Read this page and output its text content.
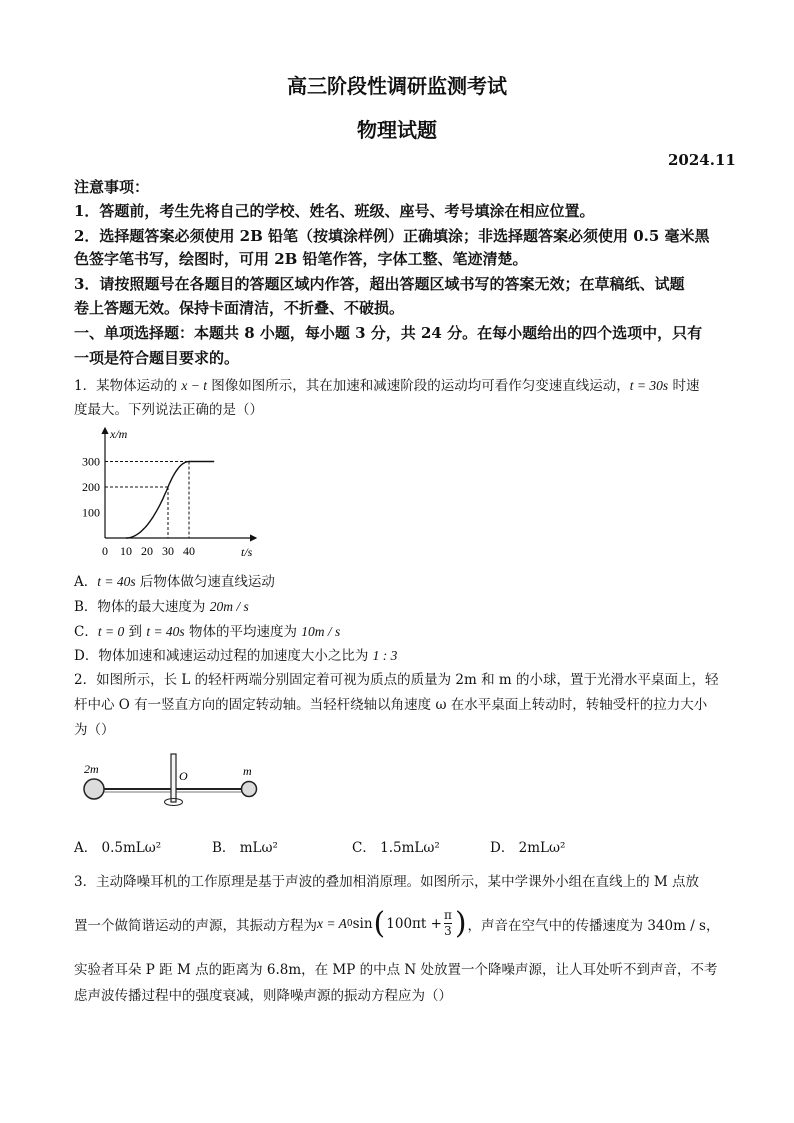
高三阶段性调研监测考试
物理试题
2024.11
注意事项：
1．答题前，考生先将自己的学校、姓名、班级、座号、考号填涂在相应位置。
2．选择题答案必须使用 2B 铅笔（按填涂样例）正确填涂；非选择题答案必须使用 0.5 毫米黑
色签字笔书写，绘图时，可用 2B 铅笔作答，字体工整、笔迹清楚。
3．请按照题号在各题目的答题区域内作答，超出答题区域书写的答案无效；在草稿纸、试题
卷上答题无效。保持卡面清洁，不折叠、不破损。
一、单项选择题：本题共 8 小题，每小题 3 分，共 24 分。在每小题给出的四个选项中，只有
一项是符合题目要求的。
1．某物体运动的 x − t 图像如图所示，其在加速和减速阶段的运动均可看作匀变速直线运动，t = 30s 时速
度最大。下列说法正确的是（）
x/m
t/s
100
200
300
0 10 20 30 40
A．t = 40s 后物体做匀速直线运动
B．物体的最大速度为 20m / s
C．t = 0 到 t = 40s 物体的平均速度为 10m / s
D．物体加速和减速运动过程的加速度大小之比为 1 : 3
2．如图所示，长 L 的轻杆两端分别固定着可视为质点的质量为 2m 和 m 的小球，置于光滑水平桌面上，轻
杆中心 O 有一竖直方向的固定转动轴。当轻杆绕轴以角速度 ω 在水平桌面上转动时，转轴受杆的拉力大小
为（）
2m	O	m
A． 0.5mLω²	B． mLω²	C． 1.5mLω²	D． 2mLω²
3．主动降噪耳机的工作原理是基于声波的叠加相消原理。如图所示，某中学课外小组在直线上的 M 点放
置一个做简谐运动的声源，其振动方程为 x = A 0 sin ( $100\pi t + \frac{\pi}{3}$ ) ，声音在空气中的传播速度为 340m / s，
实验者耳朵 P 距 M 点的距离为 6.8m，在 MP 的中点 N 处放置一个降噪声源，让人耳处听不到声音，不考
虑声波传播过程中的强度衰减，则降噪声源的振动方程应为（）
